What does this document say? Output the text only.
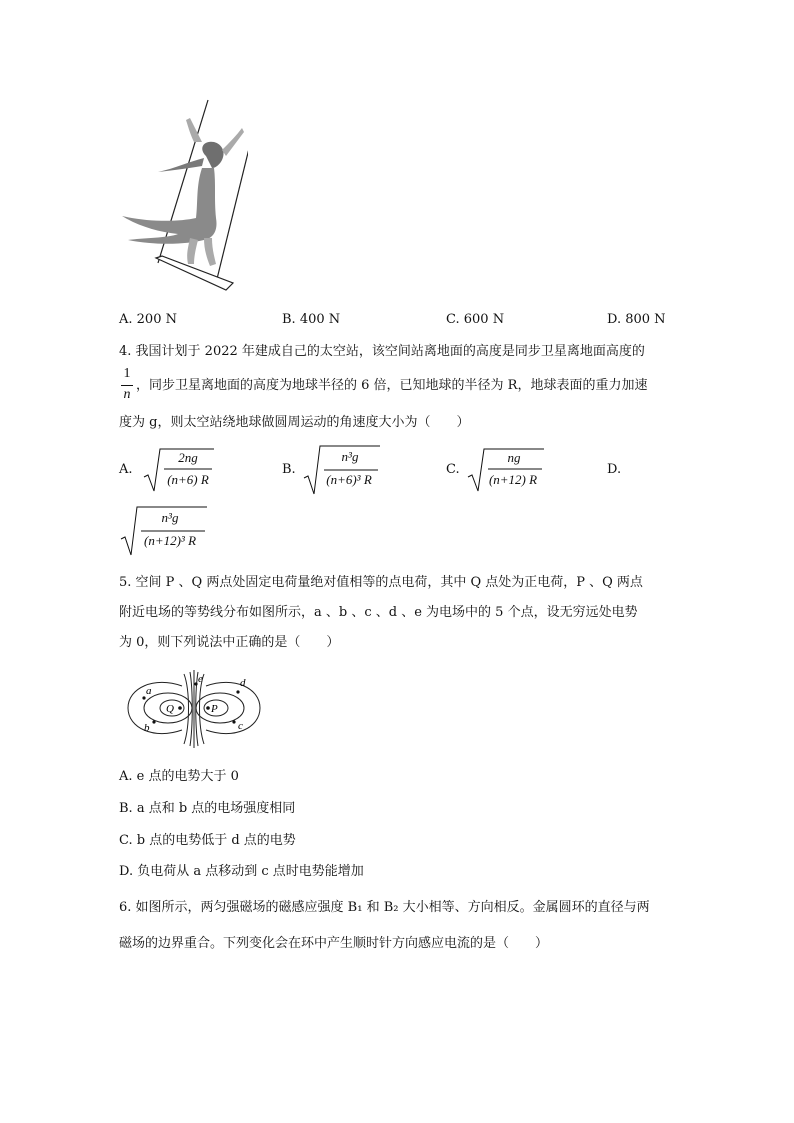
A. 200 N	B. 400 N	C. 600 N	D. 800 N
4. 我国计划于 2022 年建成自己的太空站，该空间站离地面的高度是同步卫星离地面高度的
1
n
，同步卫星离地面的高度为地球半径的 6 倍，已知地球的半径为 R，地球表面的重力加速
度为 g，则太空站绕地球做圆周运动的角速度大小为（　　）
A.
2ng
(n+6) R
B.
n³g
(n+6)³ R
C.
ng
(n+12) R
D.
n³g
(n+12)³ R
5. 空间 P 、Q 两点处固定电荷量绝对值相等的点电荷，其中 Q 点处为正电荷，P 、Q 两点
附近电场的等势线分布如图所示，a 、b 、c 、d 、e 为电场中的 5 个点，设无穷远处电势
为 0，则下列说法中正确的是（　　）
a
b	c
d
e
Q	P
A. e 点的电势大于 0
B. a 点和 b 点的电场强度相同
C. b 点的电势低于 d 点的电势
D. 负电荷从 a 点移动到 c 点时电势能增加
6. 如图所示，两匀强磁场的磁感应强度 B₁ 和 B₂ 大小相等、方向相反。金属圆环的直径与两
磁场的边界重合。下列变化会在环中产生顺时针方向感应电流的是（　　）
